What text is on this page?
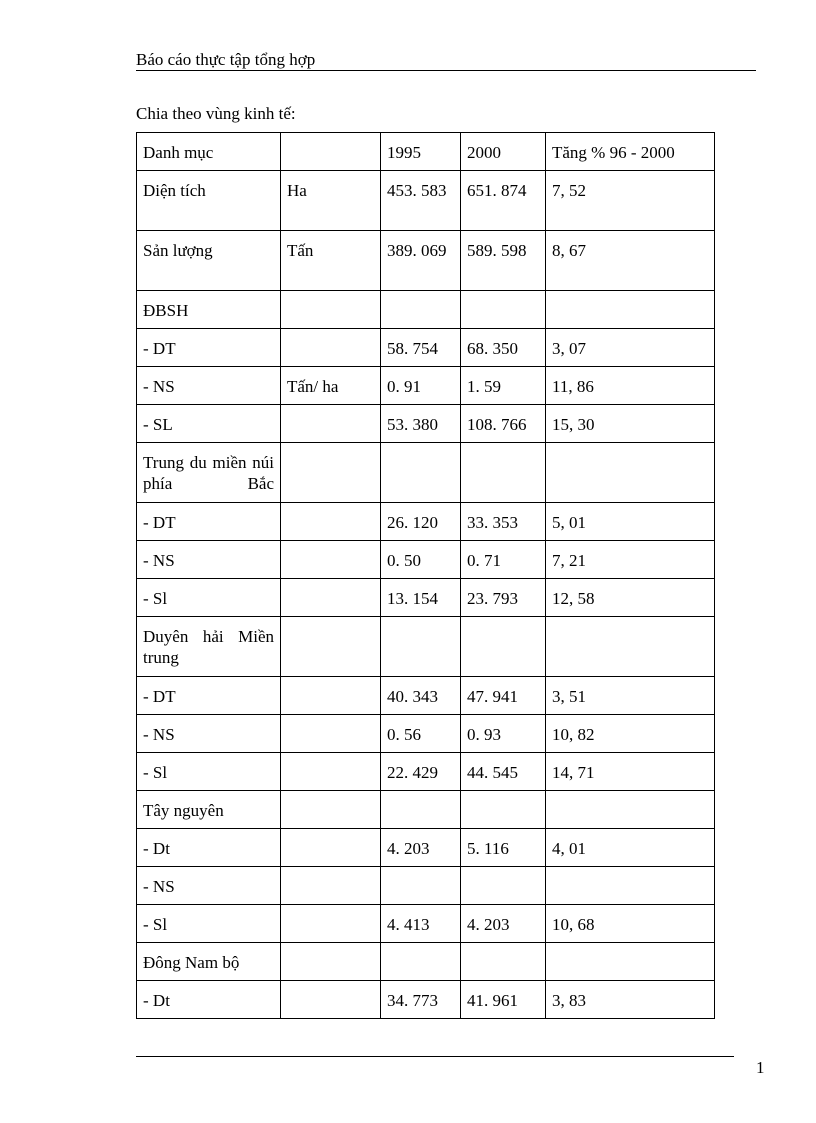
Báo cáo thực tập tổng hợp
Chia theo vùng kinh tế:
Danh mục		1995	2000	Tăng % 96 - 2000
Diện tích	Ha	453. 583	651. 874	7, 52
Sản lượng	Tấn	389. 069	589. 598	8, 67
ĐBSH				
- DT		58. 754	68. 350	3, 07
- NS	Tấn/ ha	0. 91	1. 59	11, 86
- SL		53. 380	108. 766	15, 30
Trung du miền núi phía Bắc				
- DT		26. 120	33. 353	5, 01
- NS		0. 50	0. 71	7, 21
- Sl		13. 154	23. 793	12, 58
Duyên hải Miền trung				
- DT		40. 343	47. 941	3, 51
- NS		0. 56	0. 93	10, 82
- Sl		22. 429	44. 545	14, 71
Tây nguyên				
- Dt		4. 203	5. 116	4, 01
- NS				
- Sl		4. 413	4. 203	10, 68
Đông Nam bộ				
- Dt		34. 773	41. 961	3, 83
1
